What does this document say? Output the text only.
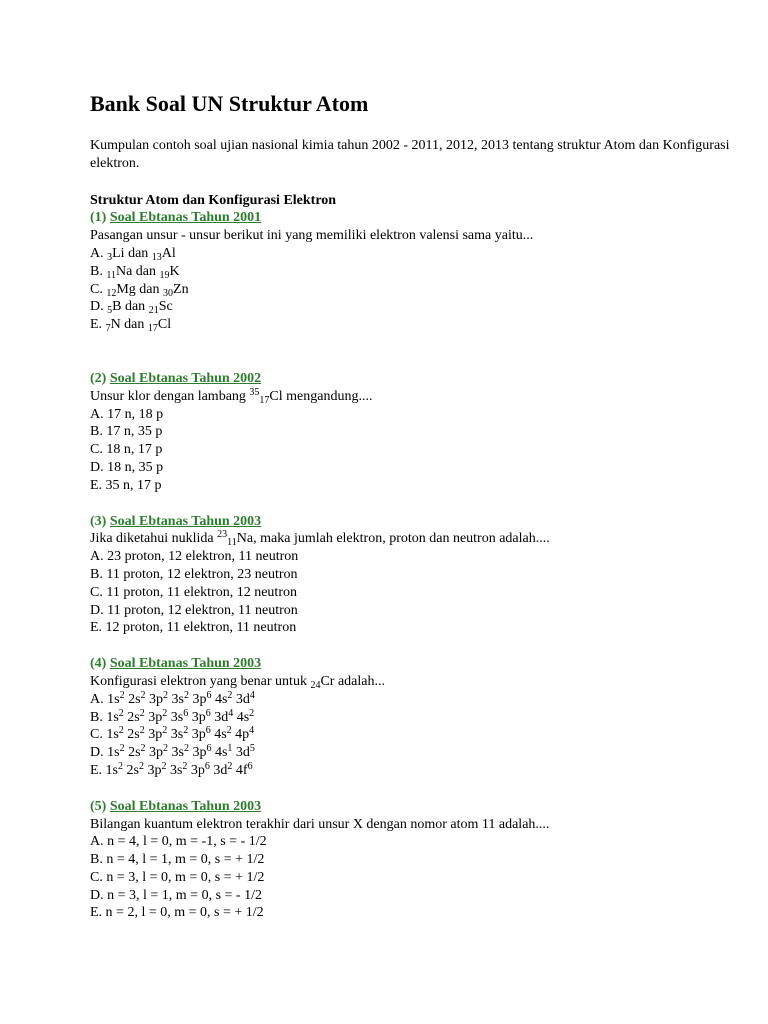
Bank Soal UN Struktur Atom

Kumpulan contoh soal ujian nasional kimia tahun 2002 - 2011, 2012, 2013 tentang struktur Atom dan Konfigurasi elektron.

Struktur Atom dan Konfigurasi Elektron
(1) Soal Ebtanas Tahun 2001
Pasangan unsur - unsur berikut ini yang memiliki elektron valensi sama yaitu...
A. $_3$Li dan $_{13}$Al
B. $_{11}$Na dan $_{19}$K
C. $_{12}$Mg dan $_{30}$Zn
D. $_5$B dan $_{21}$Sc
E. $_7$N dan $_{17}$Cl
(2) Soal Ebtanas Tahun 2002
Unsur klor dengan lambang $^{35}_{17}$Cl mengandung....
A. 17 n, 18 p
B. 17 n, 35 p
C. 18 n, 17 p
D. 18 n, 35 p
E. 35 n, 17 p
(3) Soal Ebtanas Tahun 2003
Jika diketahui nuklida $^{23}_{11}$Na, maka jumlah elektron, proton dan neutron adalah....
A. 23 proton, 12 elektron, 11 neutron
B. 11 proton, 12 elektron, 23 neutron
C. 11 proton, 11 elektron, 12 neutron
D. 11 proton, 12 elektron, 11 neutron
E. 12 proton, 11 elektron, 11 neutron
(4) Soal Ebtanas Tahun 2003
Konfigurasi elektron yang benar untuk $_{24}$Cr adalah...
A. $1s^2$ $2s^2$ $3p^2$ $3s^2$ $3p^6$ $4s^2$ $3d^4$
B. $1s^2$ $2s^2$ $3p^2$ $3s^6$ $3p^6$ $3d^4$ $4s^2$
C. $1s^2$ $2s^2$ $3p^2$ $3s^2$ $3p^6$ $4s^2$ $4p^4$
D. $1s^2$ $2s^2$ $3p^2$ $3s^2$ $3p^6$ $4s^1$ $3d^5$
E. $1s^2$ $2s^2$ $3p^2$ $3s^2$ $3p^6$ $3d^2$ $4f^6$
(5) Soal Ebtanas Tahun 2003
Bilangan kuantum elektron terakhir dari unsur X dengan nomor atom 11 adalah....
A. n = 4, l = 0, m = -1, s = - 1/2
B. n = 4, l = 1, m = 0, s = + 1/2
C. n = 3, l = 0, m = 0, s = + 1/2
D. n = 3, l = 1, m = 0, s = - 1/2
E. n = 2, l = 0, m = 0, s = + 1/2
